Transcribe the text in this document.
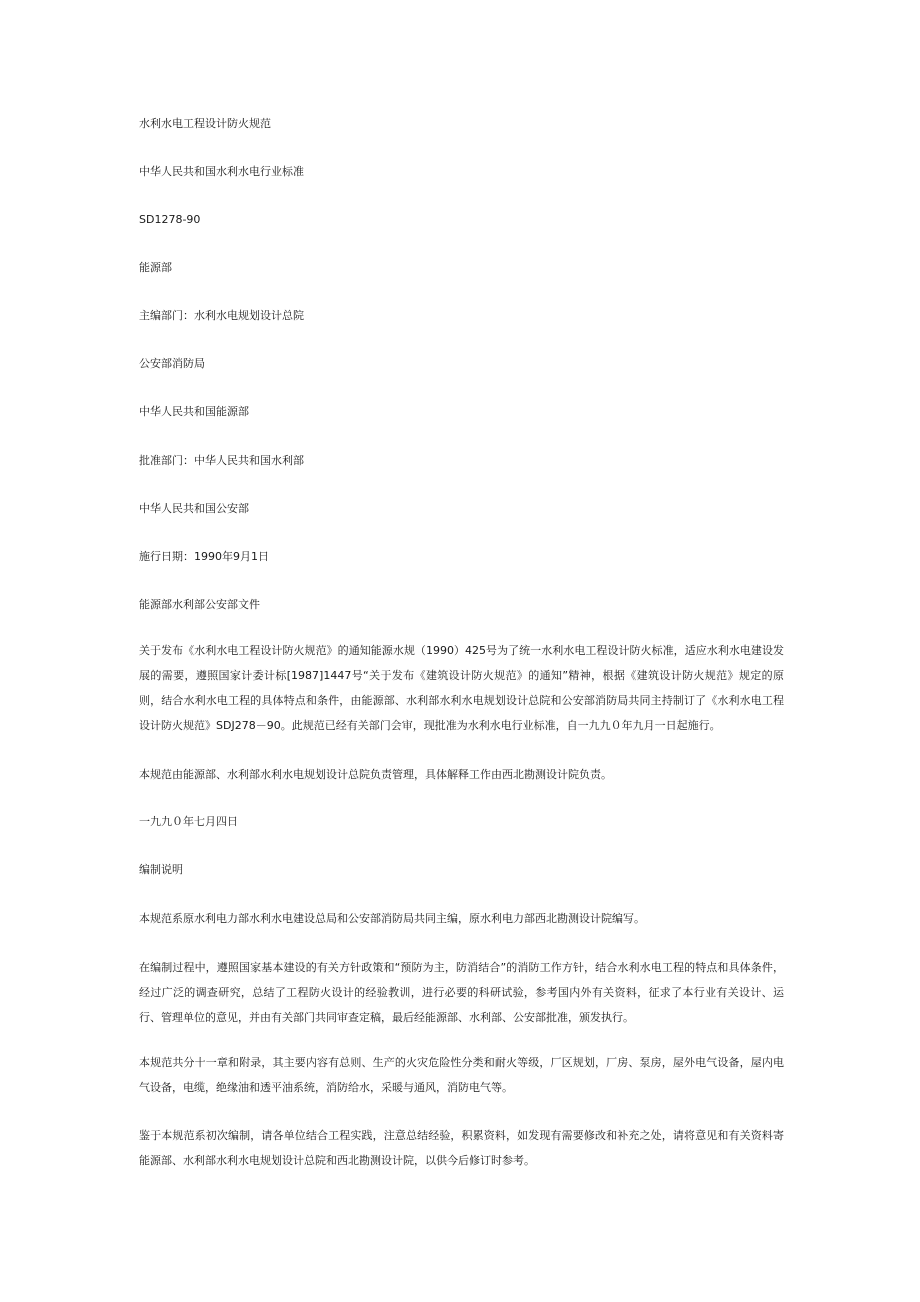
水利水电工程设计防火规范
中华人民共和国水利水电行业标准
SD1278-90
能源部
主编部门：水利水电规划设计总院
公安部消防局
中华人民共和国能源部
批准部门：中华人民共和国水利部
中华人民共和国公安部
施行日期：1990年9月1日
能源部水利部公安部文件
关于发布《水利水电工程设计防火规范》的通知能源水规（1990）425号为了统一水利水电工程设计防火标准，适应水利水电建设发展的需要，遵照国家计委计标[1987]1447号“关于发布《建筑设计防火规范》的通知”精神，根据《建筑设计防火规范》规定的原则，结合水利水电工程的具体特点和条件，由能源部、水利部水利水电规划设计总院和公安部消防局共同主持制订了《水利水电工程设计防火规范》SDJ278－90。此规范已经有关部门会审，现批准为水利水电行业标准，自一九九０年九月一日起施行。
本规范由能源部、水利部水利水电规划设计总院负责管理，具体解释工作由西北勘测设计院负责。
一九九０年七月四日
编制说明
本规范系原水利电力部水利水电建设总局和公安部消防局共同主编，原水利电力部西北勘测设计院编写。
在编制过程中，遵照国家基本建设的有关方针政策和“预防为主，防消结合”的消防工作方针，结合水利水电工程的特点和具体条件，经过广泛的调查研究，总结了工程防火设计的经验教训，进行必要的科研试验，参考国内外有关资料，征求了本行业有关设计、运行、管理单位的意见，并由有关部门共同审查定稿，最后经能源部、水利部、公安部批准，颁发执行。
本规范共分十一章和附录，其主要内容有总则、生产的火灾危险性分类和耐火等级，厂区规划，厂房、泵房，屋外电气设备，屋内电气设备，电缆，绝缘油和透平油系统，消防给水，采暖与通风，消防电气等。
鉴于本规范系初次编制，请各单位结合工程实践，注意总结经验，积累资料，如发现有需要修改和补充之处，请将意见和有关资料寄能源部、水利部水利水电规划设计总院和西北勘测设计院，以供今后修订时参考。
